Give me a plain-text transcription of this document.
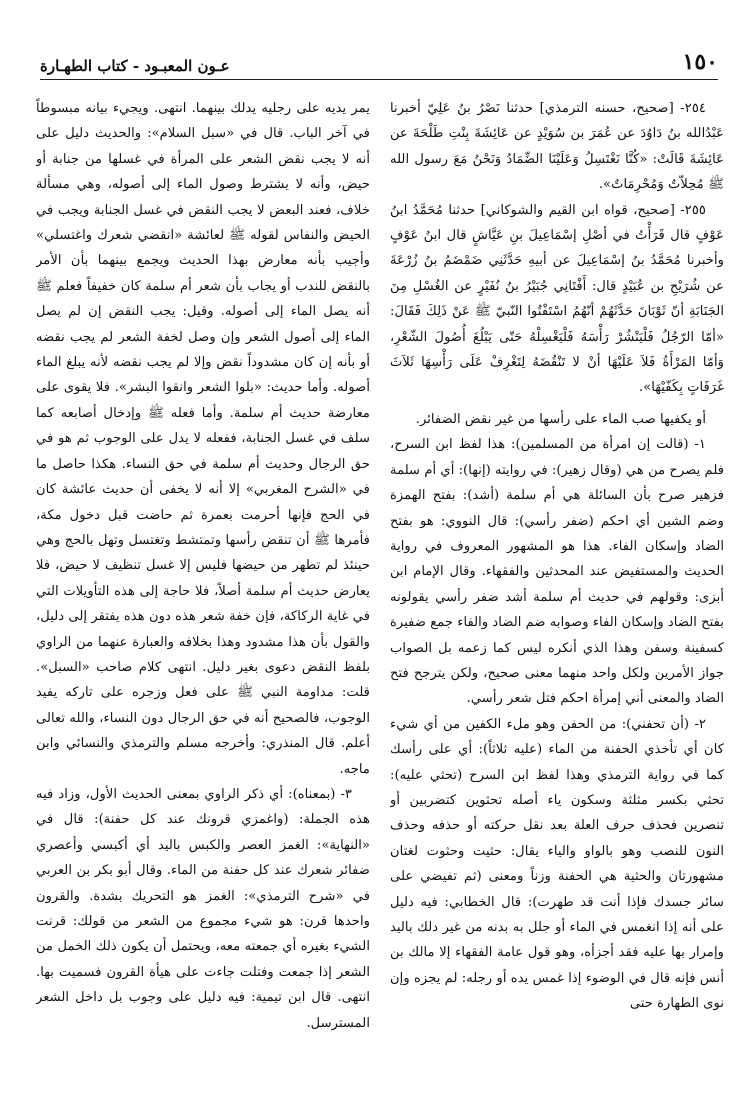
١٥٠
عـون المعبـود - كتاب الطهـارة

٢٥٤- [صحيح، حسنه الترمذي] حدثنا نَصْرُ بنُ عَلِيّ أخبرنا عَبْدُالله بنُ دَاوُدَ عن عُمَرَ بن سُوَيْدٍ عن عَائِشَةَ بِنْتِ طَلْحَةَ عن عَائِشَةَ قَالَتْ: «كُنَّا نَغْتَسِلُ وَعَلَيْنَا الضِّمَادُ وَنَحْنُ مَعَ رسول الله ﷺ مُحِلاّتٌ وَمُحْرِمَاتٌ».

٢٥٥- [صحيح، قواه ابن القيم والشوكاني] حدثنا مُحَمَّدُ ابنُ عَوْفٍ قال قَرَأْتُ في أصْلِ إسْمَاعِيلَ بنِ عَيَّاشٍ قال ابنُ عَوْفٍ وأخبرنا مُحَمَّدُ بنُ إسْمَاعِيلَ عن أبيهِ حَدَّثَنِي ضَمْضَمُ بنُ زُرْعَةَ عن شُرَيْحِ بن عُبَيْدٍ قال: أَفْتَانِي جُبَيْرُ بنُ نُفَيْرٍ عن الغُسْلِ مِنَ الجَنَابَةِ أنّ ثَوْبَانَ حَدَّثَهُمْ أنّهُمُ اسْتَفْتُوا النّبيّ ﷺ عَنْ ذَلِكَ فَقَالَ: «أمّا الرّجُلُ فَلْيَنْشُرْ رَأْسَهُ فَلْيَغْسِلْهُ حَتّى يَبْلُغَ أُصُولَ الشّعْرِ، وَأمّا المَرْأَةُ فَلاَ عَلَيْهَا أنْ لا تَنْقُضَهُ لِتَغْرِفْ عَلَى رَأْسِهَا ثَلاَثَ غَرَفَاتٍ بِكَفّيْهَا».

أو يكفيها صب الماء على رأسها من غير نقض الضفائر.

١- (قالت إن امرأة من المسلمين): هذا لفظ ابن السرح، فلم يصرح من هي (وقال زهير): في روايته (إنها): أي أم سلمة فزهير صرح بأن السائلة هي أم سلمة (أشد): بفتح الهمزة وضم الشين أي احكم (ضفر رأسي): قال النووي: هو بفتح الضاد وإسكان الفاء. هذا هو المشهور المعروف في رواية الحديث والمستفيض عند المحدثين والفقهاء. وقال الإمام ابن أبزى: وقولهم في حديث أم سلمة أشد ضفر رأسي يقولونه بفتح الضاد وإسكان الفاء وصوابه ضم الضاد والفاء جمع ضفيرة كسفينة وسفن وهذا الذي أنكره ليس كما زعمه بل الصواب جواز الأمرين ولكل واحد منهما معنى صحيح، ولكن يترجح فتح الضاد والمعنى أني إمرأة احكم فتل شعر رأسي.

٢- (أن تحفني): من الحفن وهو ملء الكفين من أي شيء كان أي تأخذي الحفنة من الماء (عليه ثلاثاً): أي على رأسك كما في رواية الترمذي وهذا لفظ ابن السرح (تحثي عليه): تحثي بكسر مثلثة وسكون ياء أصله تحثوين كتضربين أو تنصرين فحذف حرف العلة بعد نقل حركته أو حذفه وحذف النون للنصب وهو بالواو والياء يقال: حثيت وحثوت لغتان مشهورتان والحثية هي الحفنة وزناً ومعنى (ثم تفيضي على سائر جسدك فإذا أنت قد طهرت): قال الخطابي: فيه دليل على أنه إذا انغمس في الماء أو جلل به بدنه من غير دلك باليد وإمرار بها عليه فقد أجزأه، وهو قول عامة الفقهاء إلا مالك بن أنس فإنه قال في الوضوء إذا غمس يده أو رجله: لم يجزه وإن نوى الطهارة حتى

يمر يديه على رجليه يدلك بينهما. انتهى. ويجيء بيانه مبسوطاً في آخر الباب. قال في «سبل السلام»: والحديث دليل على أنه لا يجب نقض الشعر على المرأة في غسلها من جنابة أو حيض، وأنه لا يشترط وصول الماء إلى أصوله، وهي مسألة خلاف، فعند البعض لا يجب النقض في غسل الجنابة ويجب في الحيض والنفاس لقوله ﷺ لعائشة «انقضي شعرك واغتسلي» وأجيب بأنه معارض بهذا الحديث ويجمع بينهما بأن الأمر بالنقض للندب أو يجاب بأن شعر أم سلمة كان خفيفاً فعلم ﷺ أنه يصل الماء إلى أصوله. وقيل: يجب النقض إن لم يصل الماء إلى أصول الشعر وإن وصل لخفة الشعر لم يجب نقضه أو بأنه إن كان مشدوداً نقض وإلا لم يجب نقضه لأنه يبلغ الماء أصوله. وأما حديث: «بلوا الشعر وانقوا البشر». فلا يقوى على معارضة حديث أم سلمة. وأما فعله ﷺ وإدخال أصابعه كما سلف في غسل الجنابة، ففعله لا يدل على الوجوب ثم هو في حق الرجال وحديث أم سلمة في حق النساء. هكذا حاصل ما في «الشرح المغربي» إلا أنه لا يخفى أن حديث عائشة كان في الحج فإنها أحرمت بعمرة ثم حاضت قبل دخول مكة، فأمرها ﷺ أن تنقض رأسها وتمتشط وتغتسل وتهل بالحج وهي حينئذ لم تطهر من حيضها فليس إلا غسل تنظيف لا حيض، فلا يعارض حديث أم سلمة أصلاً، فلا حاجة إلى هذه التأويلات التي في غاية الركاكة، فإن خفة شعر هذه دون هذه يفتقر إلى دليل، والقول بأن هذا مشدود وهذا بخلافه والعبارة عنهما من الراوي بلفظ النقض دعوى بغير دليل. انتهى كلام صاحب «السبل». قلت: مداومة النبي ﷺ على فعل وزجره على تاركه يفيد الوجوب، فالصحيح أنه في حق الرجال دون النساء، والله تعالى أعلم. قال المنذري: وأخرجه مسلم والترمذي والنسائي وابن ماجه.

٣- (بمعناه): أي ذكر الراوي بمعنى الحديث الأول، وزاد فيه هذه الجملة: (واغمزي قرونك عند كل حفنة): قال في «النهاية»: الغمز العصر والكبس باليد أي أكبسي وأعصري ضفائر شعرك عند كل حفنة من الماء. وقال أبو بكر بن العربي في «شرح الترمذي»: الغمز هو التحريك بشدة. والقرون واحدها قرن: هو شيء مجموع من الشعر من قولك: قرنت الشيء بغيره أي جمعته معه، ويحتمل أن يكون ذلك الخمل من الشعر إذا جمعت وفتلت جاءت على هيأة القرون فسميت بها. انتهى. قال ابن تيمية: فيه دليل على وجوب بل داخل الشعر المسترسل.
